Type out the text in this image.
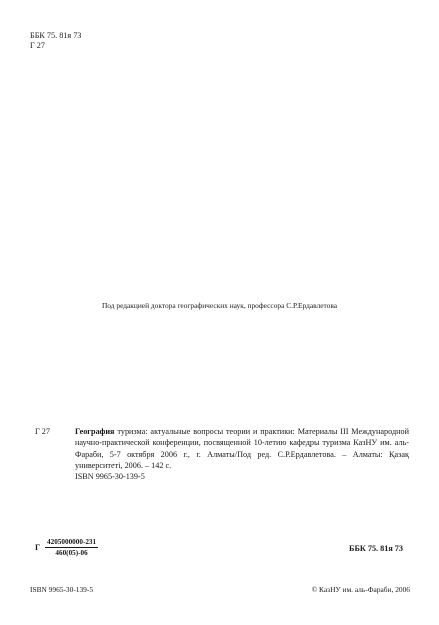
ББК 75. 81я 73
Г 27
Под редакцией доктора географических наук, профессора С.Р.Ердавлетова
Г 27	География туризма: актуальные вопросы теории и практики: Материалы III Международной научно-практической конференции, посвященной 10-летию кафедры туризма КазНУ им. аль-Фараби, 5-7 октября 2006 г., г. Алматы/Под ред. С.Р.Ердавлетова. – Алматы: Қазақ университеті, 2006. – 142 с.
ISBN 9965-30-139-5
Г $\frac{4205000000-231}{460(05)-06}$	ББК 75. 81я 73
ISBN 9965-30-139-5	© КазНУ им. аль-Фараби, 2006
